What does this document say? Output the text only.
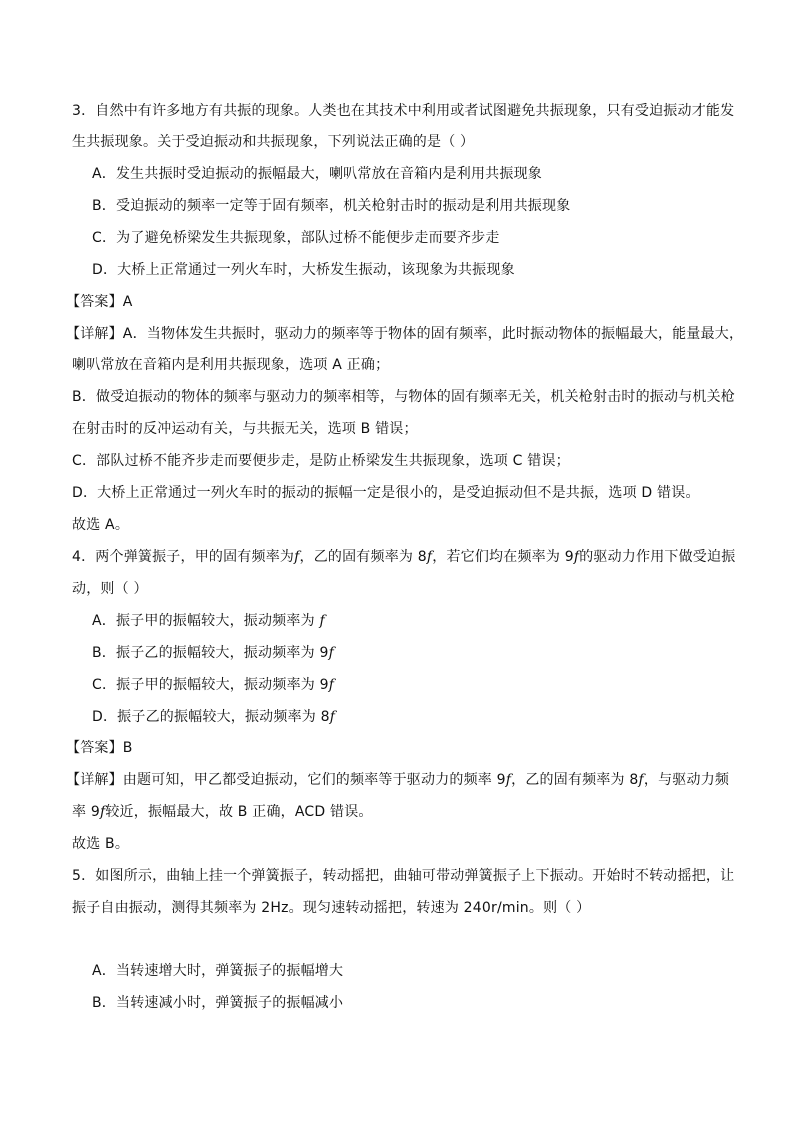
3．自然中有许多地方有共振的现象。人类也在其技术中利用或者试图避免共振现象，只有受迫振动才能发
生共振现象。关于受迫振动和共振现象，下列说法正确的是（ ）
A．发生共振时受迫振动的振幅最大，喇叭常放在音箱内是利用共振现象
B．受迫振动的频率一定等于固有频率，机关枪射击时的振动是利用共振现象
C．为了避免桥梁发生共振现象，部队过桥不能便步走而要齐步走
D．大桥上正常通过一列火车时，大桥发生振动，该现象为共振现象
【答案】A
【详解】A．当物体发生共振时，驱动力的频率等于物体的固有频率，此时振动物体的振幅最大，能量最大，
喇叭常放在音箱内是利用共振现象，选项 A 正确；
B．做受迫振动的物体的频率与驱动力的频率相等，与物体的固有频率无关，机关枪射击时的振动与机关枪
在射击时的反冲运动有关，与共振无关，选项 B 错误；
C．部队过桥不能齐步走而要便步走，是防止桥梁发生共振现象，选项 C 错误；
D．大桥上正常通过一列火车时的振动的振幅一定是很小的，是受迫振动但不是共振，选项 D 错误。
故选 A。
4．两个弹簧振子，甲的固有频率为f，乙的固有频率为 8f，若它们均在频率为 9f的驱动力作用下做受迫振
动，则（ ）
A．振子甲的振幅较大，振动频率为 f
B．振子乙的振幅较大，振动频率为 9f
C．振子甲的振幅较大，振动频率为 9f
D．振子乙的振幅较大，振动频率为 8f
【答案】B
【详解】由题可知，甲乙都受迫振动，它们的频率等于驱动力的频率 9f，乙的固有频率为 8f，与驱动力频
率 9f较近，振幅最大，故 B 正确，ACD 错误。
故选 B。
5．如图所示，曲轴上挂一个弹簧振子，转动摇把，曲轴可带动弹簧振子上下振动。开始时不转动摇把，让
振子自由振动，测得其频率为 2Hz。现匀速转动摇把，转速为 240r/min。则（ ）
A．当转速增大时，弹簧振子的振幅增大
B．当转速减小时，弹簧振子的振幅减小
